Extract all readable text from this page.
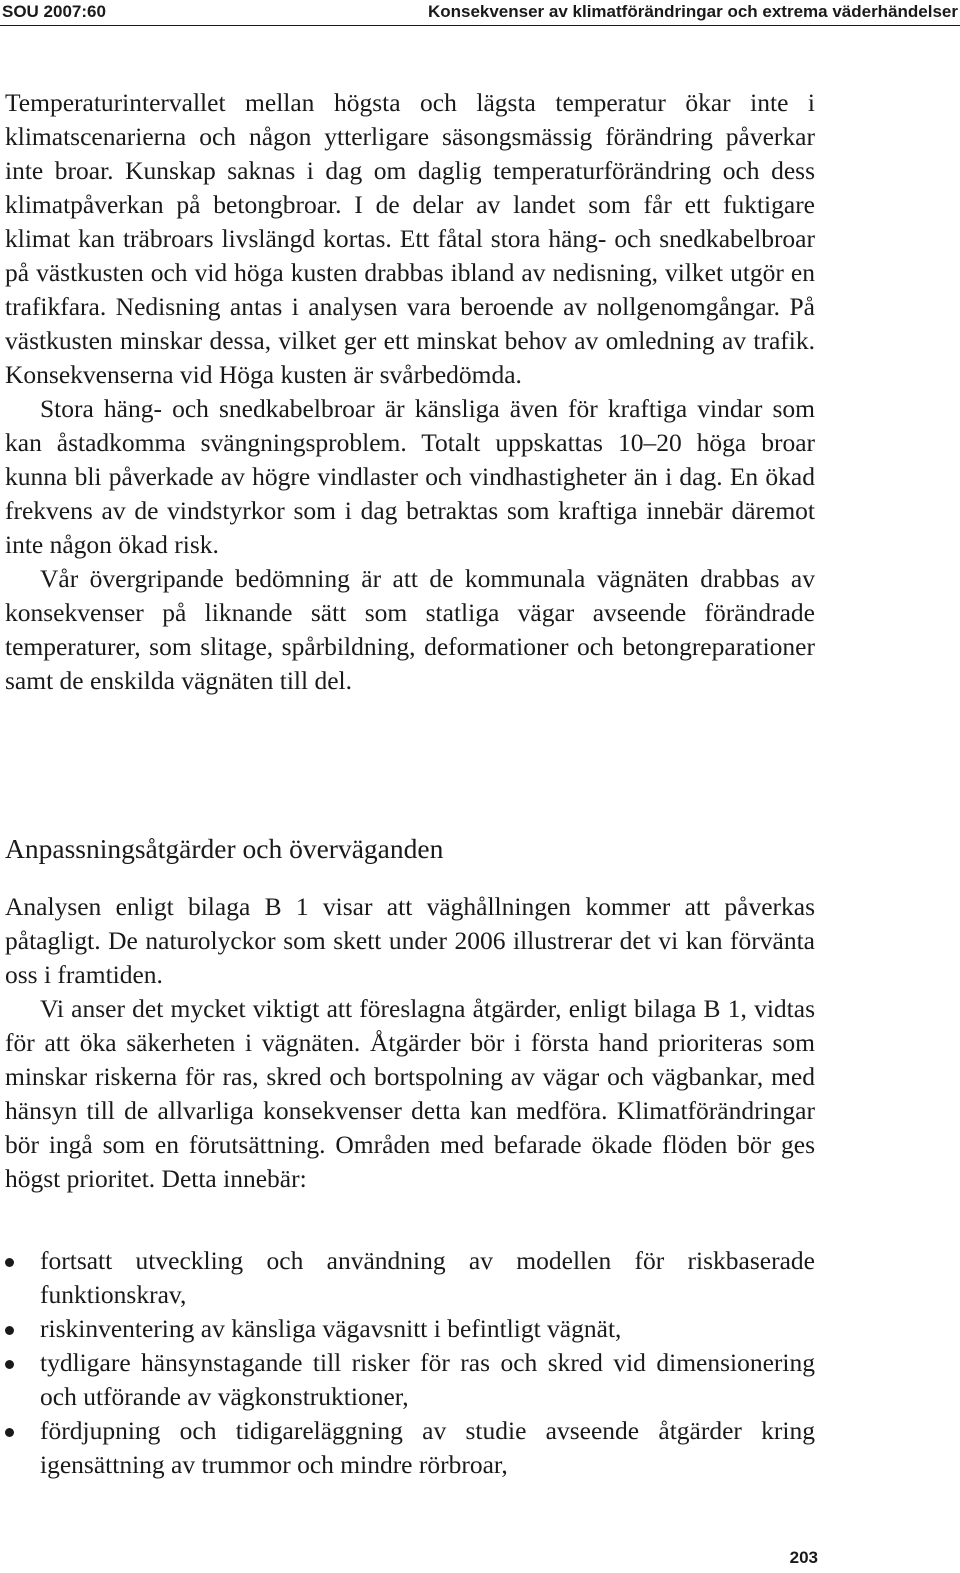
SOU 2007:60	Konsekvenser av klimatförändringar och extrema väderhändelser

Temperaturintervallet mellan högsta och lägsta temperatur ökar inte i klimatscenarierna och någon ytterligare säsongsmässig förändring påverkar inte broar. Kunskap saknas i dag om daglig temperaturförändring och dess klimatpåverkan på betongbroar. I de delar av landet som får ett fuktigare klimat kan träbroars livslängd kortas. Ett fåtal stora häng- och snedkabelbroar på västkusten och vid höga kusten drabbas ibland av nedisning, vilket utgör en trafikfara. Nedisning antas i analysen vara beroende av nollgenomgångar. På västkusten minskar dessa, vilket ger ett minskat behov av omledning av trafik. Konsekvenserna vid Höga kusten är svårbedömda.

Stora häng- och snedkabelbroar är känsliga även för kraftiga vindar som kan åstadkomma svängningsproblem. Totalt uppskattas 10–20 höga broar kunna bli påverkade av högre vindlaster och vindhastigheter än i dag. En ökad frekvens av de vindstyrkor som i dag betraktas som kraftiga innebär däremot inte någon ökad risk.

Vår övergripande bedömning är att de kommunala vägnäten drabbas av konsekvenser på liknande sätt som statliga vägar avseende förändrade temperaturer, som slitage, spårbildning, deformationer och betongreparationer samt de enskilda vägnäten till del.

Anpassningsåtgärder och överväganden

Analysen enligt bilaga B 1 visar att väghållningen kommer att påverkas påtagligt. De naturolyckor som skett under 2006 illustrerar det vi kan förvänta oss i framtiden.

Vi anser det mycket viktigt att föreslagna åtgärder, enligt bilaga B 1, vidtas för att öka säkerheten i vägnäten. Åtgärder bör i första hand prioriteras som minskar riskerna för ras, skred och bortspolning av vägar och vägbankar, med hänsyn till de allvarliga konsekvenser detta kan medföra. Klimatförändringar bör ingå som en förutsättning. Områden med befarade ökade flöden bör ges högst prioritet. Detta innebär:

fortsatt utveckling och användning av modellen för riskbaserade funktionskrav,
riskinventering av känsliga vägavsnitt i befintligt vägnät,
tydligare hänsynstagande till risker för ras och skred vid dimensionering och utförande av vägkonstruktioner,
fördjupning och tidigareläggning av studie avseende åtgärder kring igensättning av trummor och mindre rörbroar,
203
